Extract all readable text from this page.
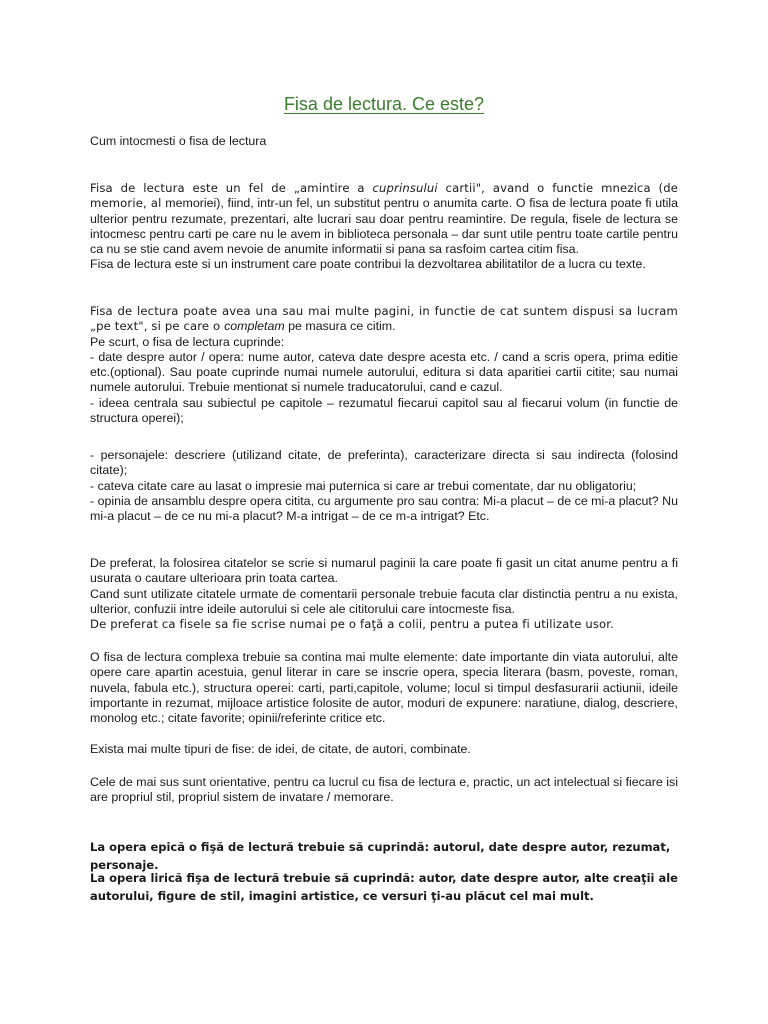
Fisa de lectura. Ce este?

Cum intocmesti o fisa de lectura

Fisa de lectura este un fel de „amintire a cuprinsului cartii", avand o functie mnezica (de memorie, al memoriei), fiind, intr-un fel, un substitut pentru o anumita carte. O fisa de lectura poate fi utila ulterior pentru rezumate, prezentari, alte lucrari sau doar pentru reamintire. De regula, fisele de lectura se intocmesc pentru carti pe care nu le avem in biblioteca personala – dar sunt utile pentru toate cartile pentru ca nu se stie cand avem nevoie de anumite informatii si pana sa rasfoim cartea citim fisa.

Fisa de lectura este si un instrument care poate contribui la dezvoltarea abilitatilor de a lucra cu texte.

Fisa de lectura poate avea una sau mai multe pagini, in functie de cat suntem dispusi sa lucram „pe text", si pe care o completam pe masura ce citim.

Pe scurt, o fisa de lectura cuprinde:

- date despre autor / opera: nume autor, cateva date despre acesta etc. / cand a scris opera, prima editie etc.(optional). Sau poate cuprinde numai numele autorului, editura si data aparitiei cartii citite; sau numai numele autorului. Trebuie mentionat si numele traducatorului, cand e cazul.

- ideea centrala sau subiectul pe capitole – rezumatul fiecarui capitol sau al fiecarui volum (in functie de structura operei);

- personajele: descriere (utilizand citate, de preferinta), caracterizare directa si sau indirecta (folosind citate);

- cateva citate care au lasat o impresie mai puternica si care ar trebui comentate, dar nu obligatoriu;

- opinia de ansamblu despre opera citita, cu argumente pro sau contra: Mi-a placut – de ce mi-a placut? Nu mi-a placut – de ce nu mi-a placut? M-a intrigat – de ce m-a intrigat? Etc.

De preferat, la folosirea citatelor se scrie si numarul paginii la care poate fi gasit un citat anume pentru a fi usurata o cautare ulterioara prin toata cartea.

Cand sunt utilizate citatele urmate de comentarii personale trebuie facuta clar distinctia pentru a nu exista, ulterior, confuzii intre ideile autorului si cele ale cititorului care intocmeste fisa.

De preferat ca fisele sa fie scrise numai pe o faţă a colii, pentru a putea fi utilizate usor.

O fisa de lectura complexa trebuie sa contina mai multe elemente: date importante din viata autorului, alte opere care apartin acestuia, genul literar in care se inscrie opera, specia literara (basm, poveste, roman, nuvela, fabula etc.), structura operei: carti, parti,capitole, volume; locul si timpul desfasurarii actiunii, ideile importante in rezumat, mijloace artistice folosite de autor, moduri de expunere: naratiune, dialog, descriere, monolog etc.; citate favorite; opinii/referinte critice etc.

Exista mai multe tipuri de fise: de idei, de citate, de autori, combinate.

Cele de mai sus sunt orientative, pentru ca lucrul cu fisa de lectura e, practic, un act intelectual si fiecare isi are propriul stil, propriul sistem de invatare / memorare.

La opera epică o fişă de lectură trebuie să cuprindă: autorul, date despre autor, rezumat, personaje.

La opera lirică fişa de lectură trebuie să cuprindă: autor, date despre autor, alte creaţii ale autorului, figure de stil, imagini artistice, ce versuri ţi-au plăcut cel mai mult.
